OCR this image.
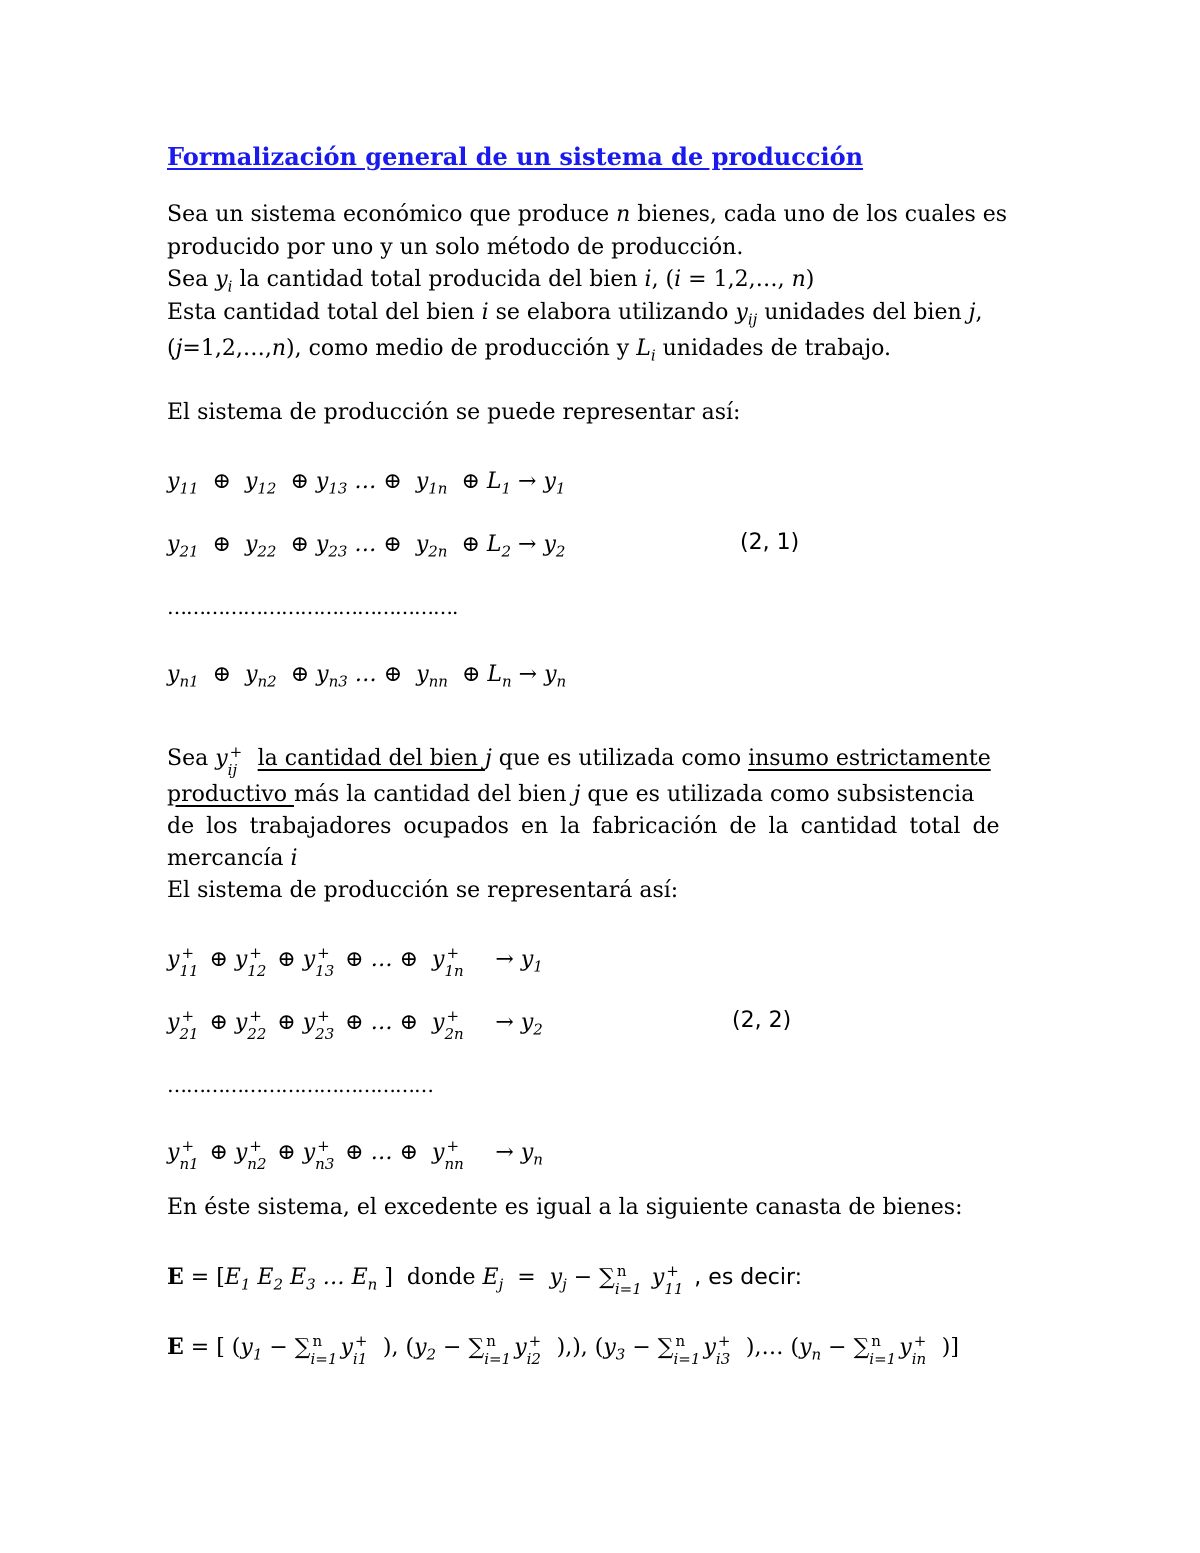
Formalización general de un sistema de producción
Sea un sistema económico que produce n bienes, cada uno de los cuales es
producido por uno y un solo método de producción.
Sea $y_i$ la cantidad total producida del bien i, (i = 1,2,…, n)
Esta cantidad total del bien i se elabora utilizando $y_{ij}$ unidades del bien j,
(j=1,2,…,n), como medio de producción y $L_i$ unidades de trabajo.
El sistema de producción se puede representar así:
$y_{11}$  ⊕  $y_{12}$  ⊕ $y_{13}$ … ⊕  $y_{1n}$  ⊕ $L_1 \to y_1$
$y_{21}$  ⊕  $y_{22}$  ⊕ $y_{23}$ … ⊕  $y_{2n}$  ⊕ $L_2 \to y_2$	(2, 1)
……………………………………….
$y_{n1}$  ⊕  $y_{n2}$  ⊕ $y_{n3}$ … ⊕  $y_{nn}$  ⊕ $L_n \to y_n$
Sea y +
ij la cantidad del bien j que es utilizada como insumo estrictamente
productivo más la cantidad del bien j que es utilizada como subsistencia
de los trabajadores ocupados en la fabricación de la cantidad total de
mercancía i
El sistema de producción se representará así:
y +
11 ⊕ y +
12 ⊕ y +
13 ⊕ … ⊕  y +
$1n \to y_1$
y +
21 ⊕ y +
22 ⊕ y +
23 ⊕ … ⊕  y +
$2n \to y_2$	(2, 2)
……………………………………
y +
n1 ⊕ y +
n2 ⊕ y +
n3 ⊕ … ⊕  y +
nn → $y_n$
En éste sistema, el excedente es igual a la siguiente canasta de bienes:
$E = [E_1$ $E_2$ $E_3$ … $E_n$ ]  donde $E_j = y_j$ − ∑ n
i=1 y +
11 , es decir:
E = [ ($y_1$ − ∑ n
i=1 y +
i1 ), ($y_2$ − ∑ n
i=1 y +
i2 ),), ($y_3$ − ∑ n
i=1 y +
i3 ),… ($y_n$ − ∑ n
i=1 y +
in )]
